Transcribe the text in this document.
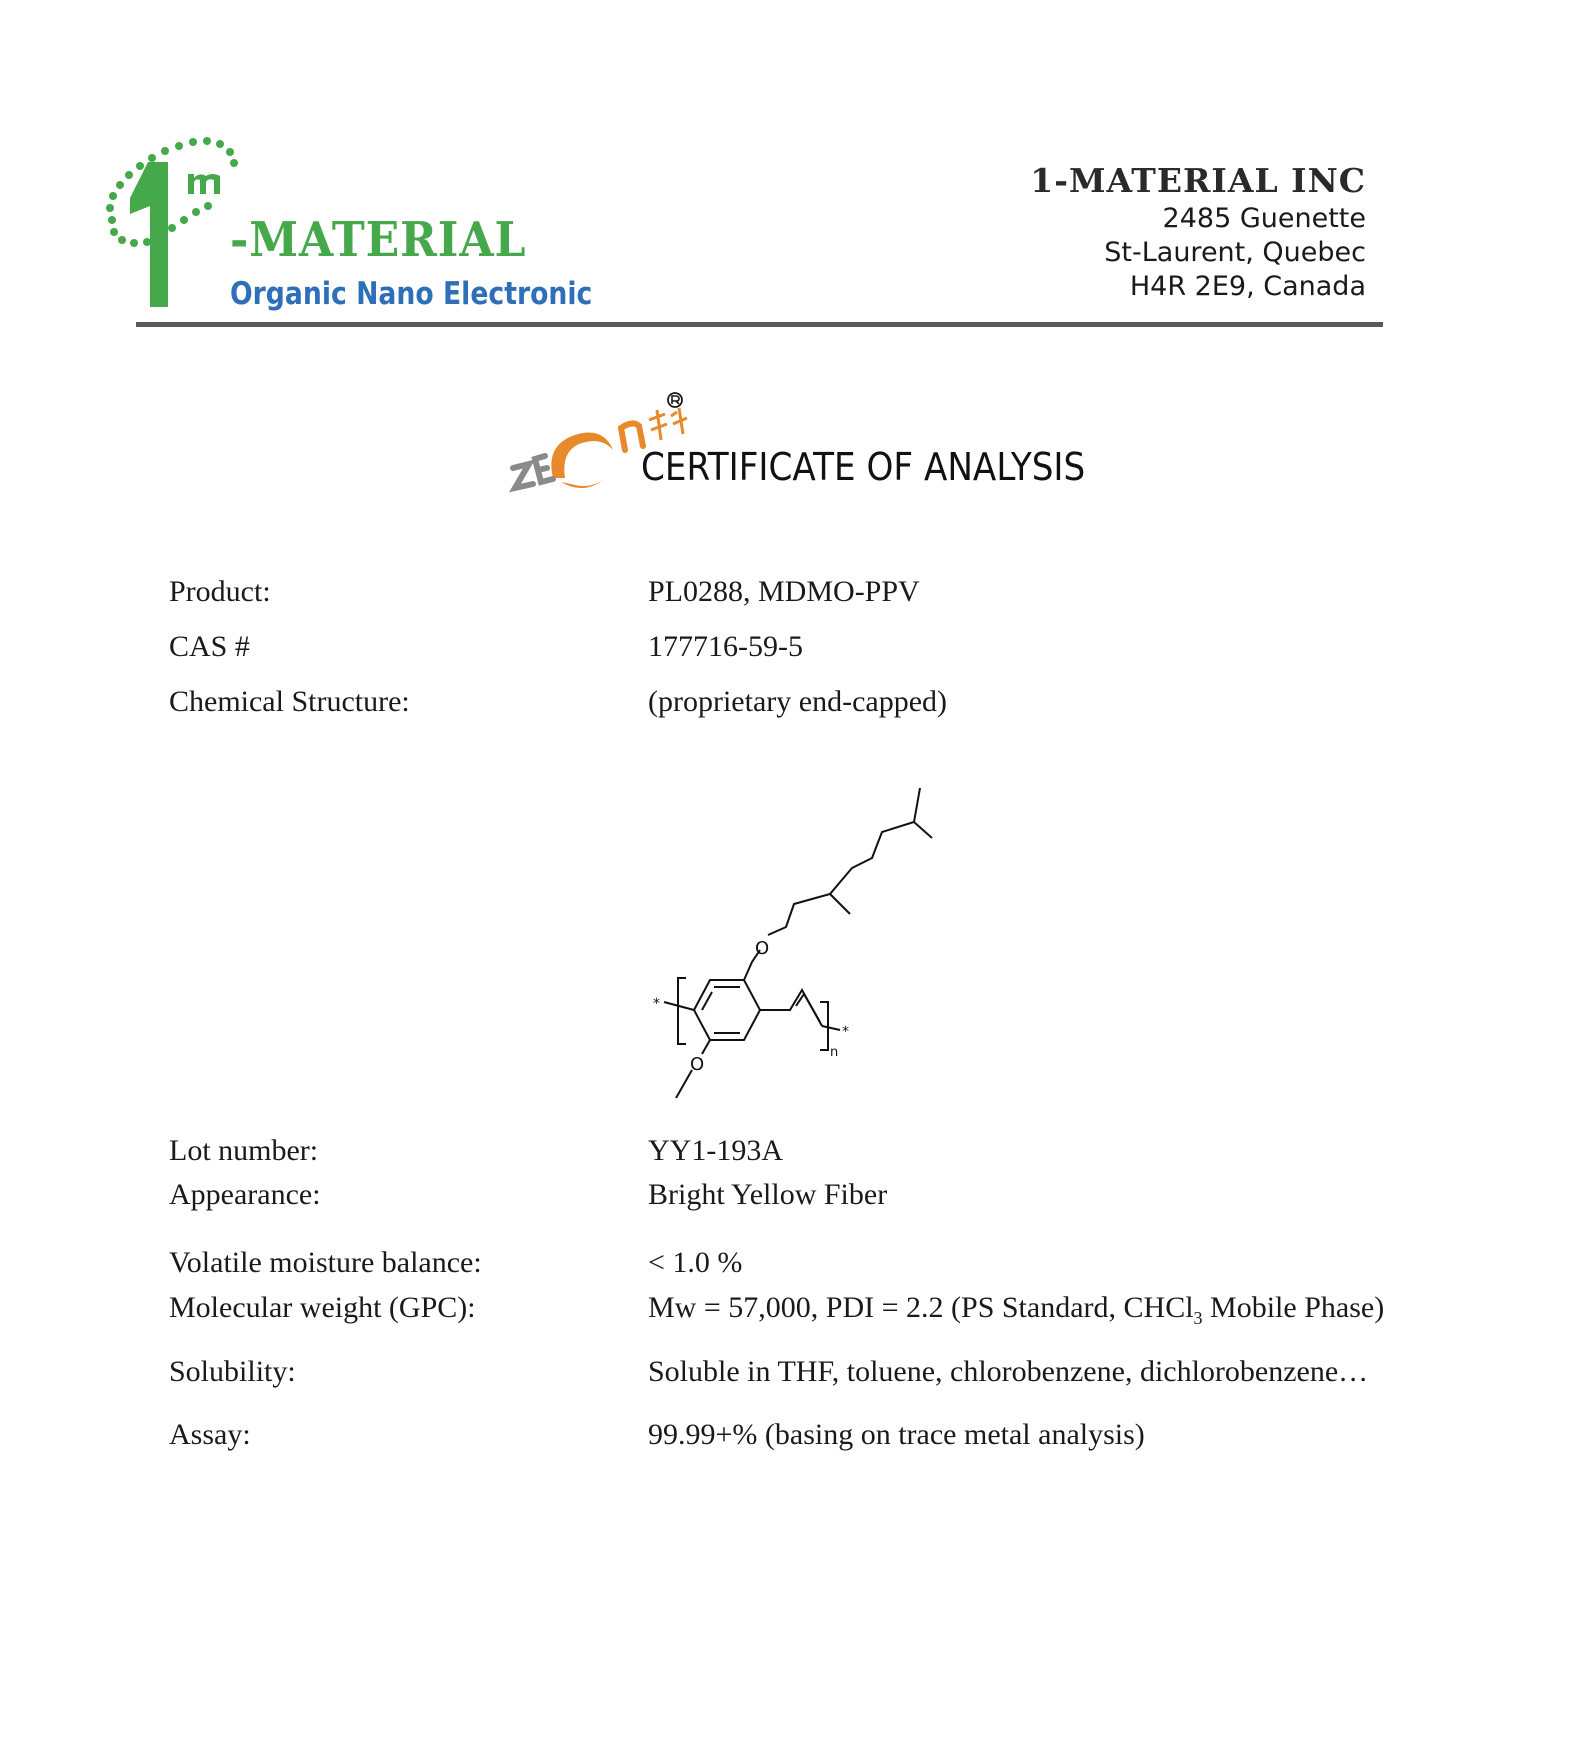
-MATERIAL
Organic Nano Electronic
1-MATERIAL INC
2485 Guenette
St-Laurent, Quebec
H4R 2E9, Canada
CERTIFICATE OF ANALYSIS
Product:	PL0288, MDMO-PPV
CAS #	177716-59-5
Chemical Structure:	(proprietary end-capped)
O
O
n
*
*
Lot number:	YY1-193A
Appearance:	Bright Yellow Fiber
Volatile moisture balance:	< 1.0 %
Molecular weight (GPC):	Mw = 57,000, PDI = 2.2 (PS Standard, CHCl$_3$ Mobile Phase)
Solubility:	Soluble in THF, toluene, chlorobenzene, dichlorobenzene…
Assay:	99.99+% (basing on trace metal analysis)
